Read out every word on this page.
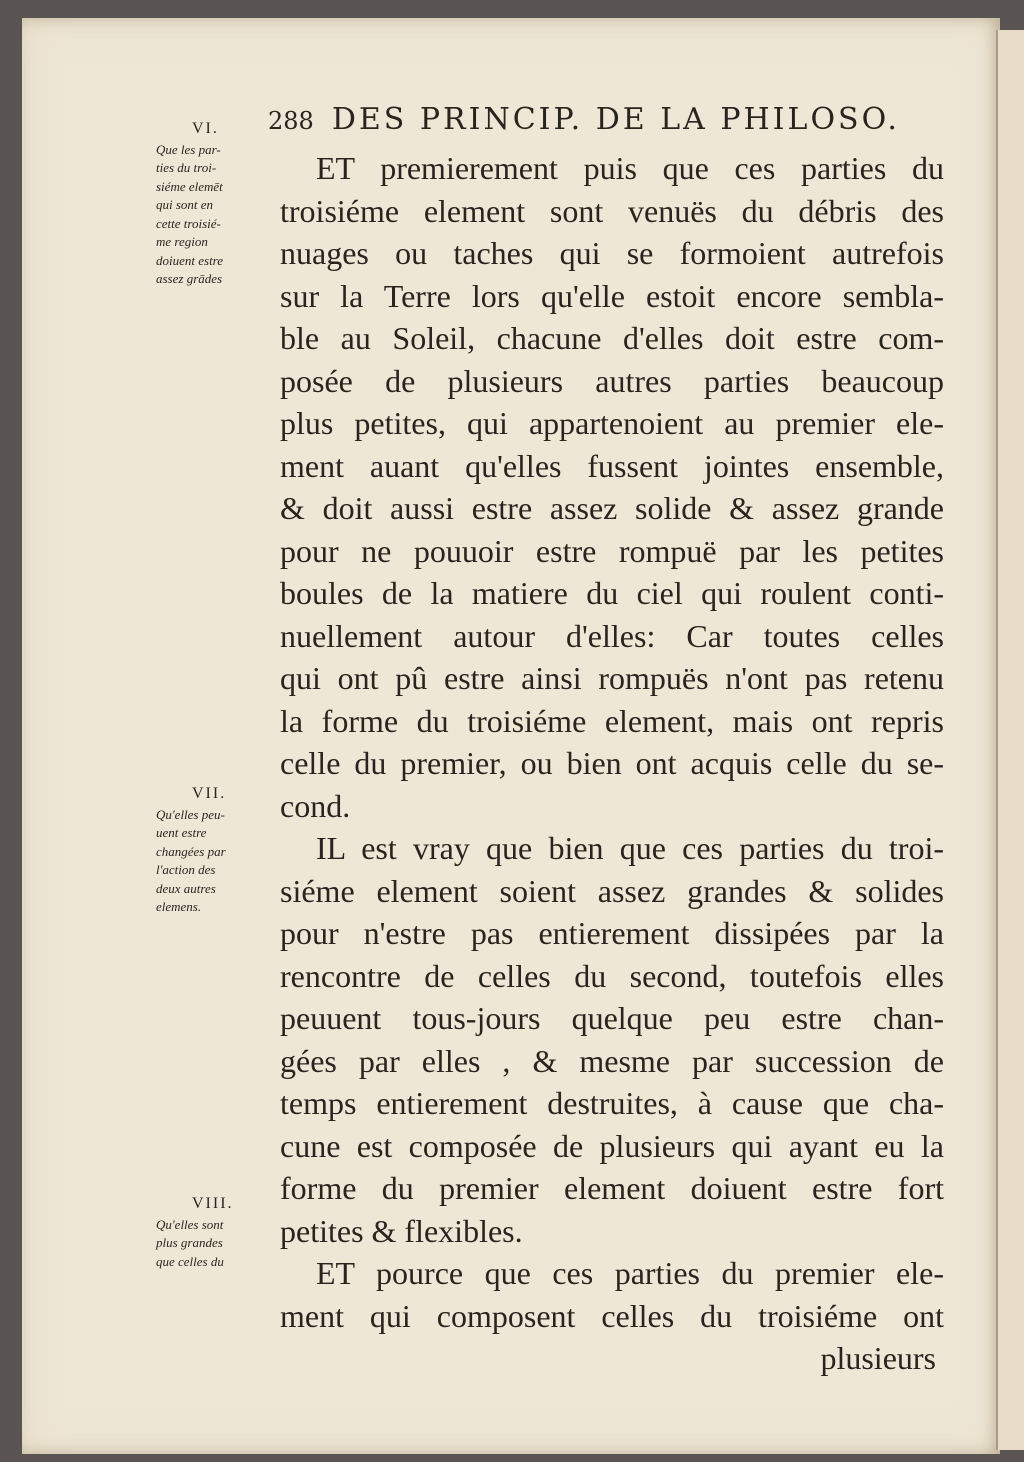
288 DES PRINCIP. DE LA PHILOSO.
VI.
Que les par-
ties du troi-
siéme elemēt
qui sont en
cette troisié-
me region
doiuent estre
assez grādes
VII.
Qu'elles peu-
uent estre
changées par
l'action des
deux autres
elemens.
VIII.
Qu'elles sont
plus grandes
que celles du
ET premierement puis que ces parties du
troisiéme element sont venuës du débris des
nuages ou taches qui se formoient autrefois
sur la Terre lors qu'elle estoit encore sembla-
ble au Soleil, chacune d'elles doit estre com-
posée de plusieurs autres parties beaucoup
plus petites, qui appartenoient au premier ele-
ment auant qu'elles fussent jointes ensemble,
& doit aussi estre assez solide & assez grande
pour ne pouuoir estre rompuë par les petites
boules de la matiere du ciel qui roulent conti-
nuellement autour d'elles: Car toutes celles
qui ont pû estre ainsi rompuës n'ont pas retenu
la forme du troisiéme element, mais ont repris
celle du premier, ou bien ont acquis celle du se-
cond.
IL est vray que bien que ces parties du troi-
siéme element soient assez grandes & solides
pour n'estre pas entierement dissipées par la
rencontre de celles du second, toutefois elles
peuuent tous-jours quelque peu estre chan-
gées par elles , & mesme par succession de
temps entierement destruites, à cause que cha-
cune est composée de plusieurs qui ayant eu la
forme du premier element doiuent estre fort
petites & flexibles.
ET pource que ces parties du premier ele-
ment qui composent celles du troisiéme ont
plusieurs
